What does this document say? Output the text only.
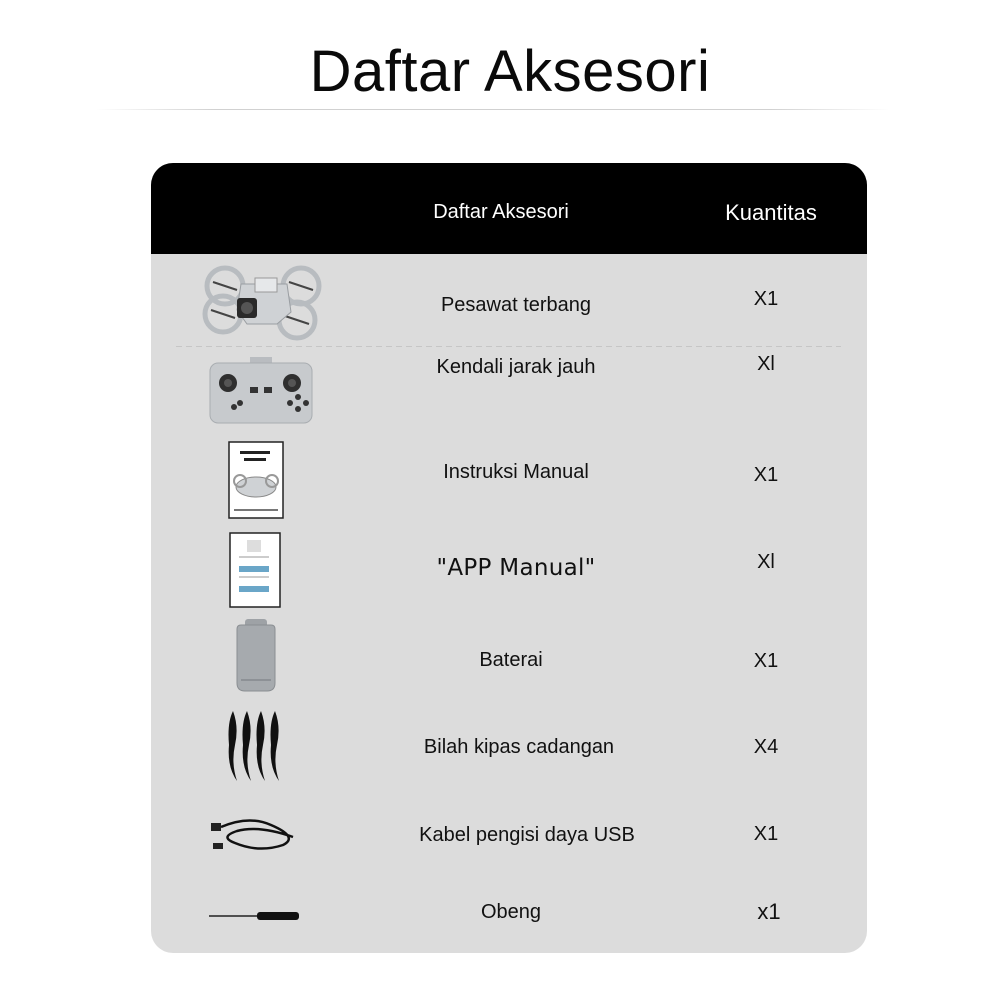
Daftar Aksesori
Daftar Aksesori	Kuantitas
Pesawat terbang	X1
Kendali jarak jauh	Xl
Instruksi Manual	X1
"APP Manual"	Xl
Baterai	X1
Bilah kipas cadangan	X4
Kabel pengisi daya USB	X1
Obeng	x1
